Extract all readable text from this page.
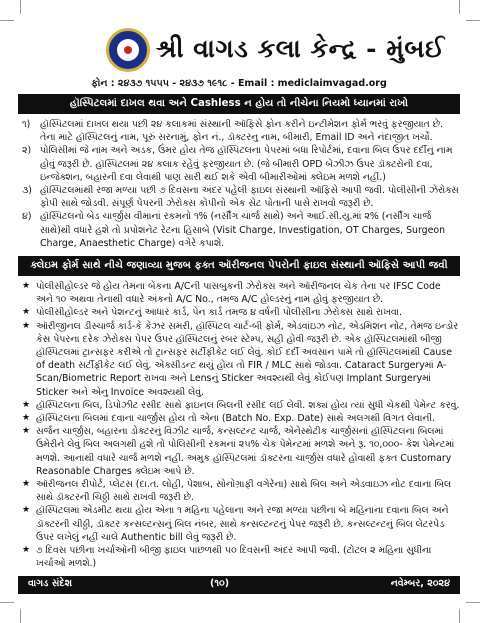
શ્રી વાગડ કલા કેન્દ્ર - મુંબઈ
ફોન : ૨૪૩૭ ૧૫૫૫ - ૨૪૩૭ ૧૯૧૮ - Email : mediclaimvagad.org
હૉસ્પિટલમાં દાખલ થવા અને Cashless ન હોય તો નીચેના નિયમો ધ્યાનમાં રાખો
૧) હૉસ્પિટલમાં દાખલ થયા પછી ૨૪ કલાકમાં સંસ્થાની ઑફિસે ફોન કરીને ઇન્ટીમેશન ફોર્મ ભરવું ફરજીયાત છે. તેના માટે હૉસ્પિટલનું નામ, પૂરું સરનામું, ફોન નં., ડૉક્ટરનુ નામ, બીમારી, Email ID અને નંદાજીત ખર્ચો.
૨) પોલિસીમાં જે નામ અને અડક, ઉંમર હોય તેજ હૉસ્પિટલના પેપરમાં બધા રિપોર્ટમાં, દવાના બિલ ઉપર દર્દીનું નામ હોવું જરૂરી છે. હૉસ્પિટલમાં ૨૪ કલાક રહેવું ફરજીયાત છે. (જે બીમારી OPD બેઝીઝ ઉપર ડૉક્ટરોની દવા, ઇન્જેક્શન, બહારની દવા લેવાથી પાણ સારી થઈ શકે એવી બીમારીઓમાં ક્લેઇમ મળશે નહીં.)
૩) હૉસ્પિટલમાંથી રજા મળ્યા પછી ૭ દિવસના અંદર પહેલી ફાઇલ સંસ્થાની ઑફિસે આપી જવી. પોલીસીની ઝેરોક્સ ફોપી સાથે જોડવી. સંપૂર્ણ પેપરની ઝેરોક્સ કોપીનો એક સેટ પોતાની પાસે રાખવો જરૂરી છે.
૪) હૉસ્પિટલનો બેડ ચાર્જીસ વીમાનાં રકમનો ૧% (નર્સીંગ ચાર્જ સાથે) અને આઈ.સી.યુ.માં ૨% (નર્સીંગ ચાર્જ સાથે)થી વધારે હશે તો પ્રપોશનેટ રેટના હિસાબે (Visit Charge, Investigation, OT Charges, Surgeon Charge, Anaesthetic Charge) વગેરે કપાશે.
ક્લેઇમ ફોર્મ સાથે નીચે જણાવ્યા મુજબ ફક્ત ઑરીજનલ પેપરોની ફાઇલ સંસ્થાની ઑફિસે આપી જવી
★ પોલીસીહોલ્ડર જે હોય તેમના બેંકના A/Cની પાસબુકની ઝેરોક્સ અને ઑરીજનલ ચેક તેના પર IFSC Code અને ૧૦ અથવા તેનાથી વધારે અંકનો A/C No., તમજ A/C હોલ્ડરનું નામ હોવું ફરજીયાત છે.
★ પોલીસીહોલ્ડર અને પેશન્ટનું આધાર કાર્ડ, પેન કાર્ડ તમજ ૪ વર્ષની પોલીસીના ઝેરોક્સ સાથે રાખવા.
★ ઑરીજીનલ ડીસ્ચાર્જ કાર્ડ-કે કેઝર સમરી, હૉસ્પિટલ ચાર્ટ-બી ફોર્મ, એડવાંઇઝ નોટ, એડમિશન નોટ, તેમજ ઇન્ડોર કેસ પેપરના દરેક ઝેરોક્સ પેપર ઉપર હૉસ્પિટલનું રબર સ્ટેમ્પ, સહી હોવી જરૂરી છે. એક હૉસ્પિટલમાંથી બીજી હૉસ્પિટલમાં ટ્રાન્સફર કરીએ તો ટ્રાન્સફર સર્ટીફીકેટ લઈ લેવું. કોઈ દર્દી અવસાન પામે તો હૉસ્પિટલમાંથી Cause of death સર્ટીફીકેટ લઈ લેવું. એક્સીડન્ટ થયું હોય તો FIR / MLC સાથે જોડવા. Cataract Surgeryમાં A-Scan/Biometric Report રાખવા અને Lensનું Sticker અવશ્યથી લેવું કોઈપણ Implant Surgeryમાં Sticker અને એનુ Invoice અવશ્યથી લેવું.
★ હૉસ્પિટલના બિલ, ડિપોઝીટ રસીદ સાથે ફાઇનલ બિલની રસીદ લઈ લેવી. શક્ય હોય ત્યાં સુધી ચેકથી પેમેન્ટ કરવું.
★ હૉસ્પિટલના બિલમાં દવાના ચાર્જીસ હોય તો એના (Batch No. Exp. Date) સાથે અલગથી વિગત લેવાની.
★ સર્જન ચાર્જીસ, બહારના ડોક્ટરનું વિઝીટ ચાર્જ, કન્સલ્ટન્ટ ચાર્જ, એનેસ્થેટીક ચાર્જીસનાં હૉસ્પિટલના બિલમાં ઉમેરીને લેવું બિલ અલગથી હશે તો પોલિસીની રકમનાં ૨૫% ચેક પેમેન્ટમાં મળશે અને રૂ. ૧૦,૦૦૦- કેશ પેમેન્ટમાં મળશે. આનાથી વધારે ચાર્જ મળશે નહીં. અમુક હૉસ્પિટલમાં ડૉક્ટરના ચાર્જીસ વધારે હોવાથી ફક્ત Customary Reasonable Charges ક્લેઇમ આપે છે.
★ ઑરીજનલ રીપોર્ટ, પ્લેટસ (દા.ત. લોહી, પેશાબ, સોનોગ્રાફી વગેરેના) સાથે બિલ અને એડવાઇઝ નોટ દવાના બિલ સાથે ડૉક્ટરની ચિઠ્ઠી સાથે રાખવી જરૂરી છે.
★ હૉસ્પિટલમાં એડમીટ થયા હોય એના ૧ મહિના પહેલાના અને રજા મળ્યા પછીના બે મહિનાના દવાના બિલ અને ડૉક્ટરની ચીઠ્ઠી, ડૉક્ટર કન્સલ્ટન્સનું બિલ નંબર, સાથે કન્સલ્ટન્ટનું પેપર જરૂરી છે. કન્સલ્ટન્ટનું બિલ લેટરપેડ ઉપર લખેલું નહીં ચાલે Authentic bill લેવું જરૂરી છે.
★ ૭ દિવસ પછીના ખર્ચાઓની બીજી ફાઇલ પાછળથી ૫૦ દિવસની અંદર આપી જવી. (ટોટલ ૨ મહિના સુધીના ખર્ચાઓ મળશે.)
વાગડ સંદેશ	(૧૦)	નવેમ્બર, ૨૦૨૪
